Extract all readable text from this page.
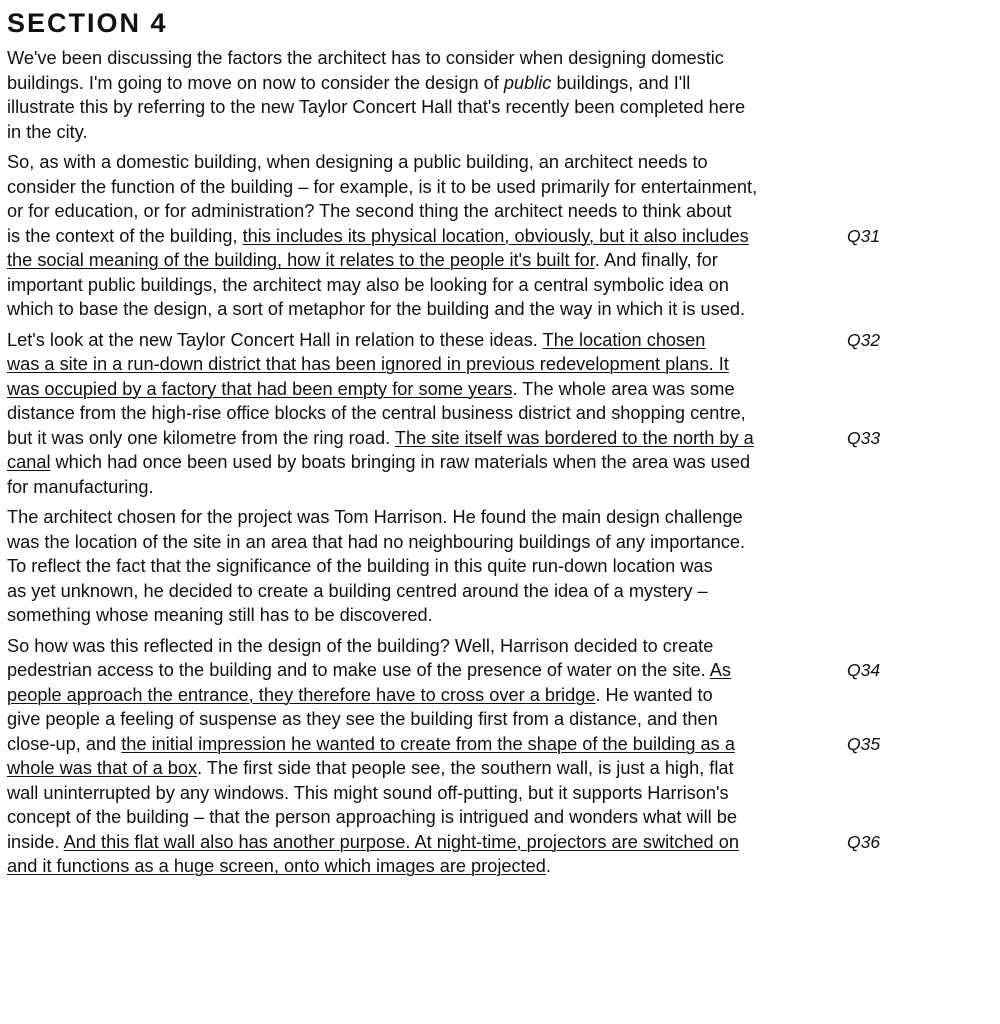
SECTION 4
We've been discussing the factors the architect has to consider when designing domestic
buildings. I'm going to move on now to consider the design of public buildings, and I'll
illustrate this by referring to the new Taylor Concert Hall that's recently been completed here
in the city.
So, as with a domestic building, when designing a public building, an architect needs to
consider the function of the building – for example, is it to be used primarily for entertainment,
or for education, or for administration? The second thing the architect needs to think about
is the context of the building, this includes its physical location, obviously, but it also includes	Q31
the social meaning of the building, how it relates to the people it's built for. And finally, for
important public buildings, the architect may also be looking for a central symbolic idea on
which to base the design, a sort of metaphor for the building and the way in which it is used.
Let's look at the new Taylor Concert Hall in relation to these ideas. The location chosen	Q32
was a site in a run-down district that has been ignored in previous redevelopment plans. It
was occupied by a factory that had been empty for some years. The whole area was some
distance from the high-rise office blocks of the central business district and shopping centre,
but it was only one kilometre from the ring road. The site itself was bordered to the north by a	Q33
canal which had once been used by boats bringing in raw materials when the area was used
for manufacturing.
The architect chosen for the project was Tom Harrison. He found the main design challenge
was the location of the site in an area that had no neighbouring buildings of any importance.
To reflect the fact that the significance of the building in this quite run-down location was
as yet unknown, he decided to create a building centred around the idea of a mystery –
something whose meaning still has to be discovered.
So how was this reflected in the design of the building? Well, Harrison decided to create
pedestrian access to the building and to make use of the presence of water on the site. As	Q34
people approach the entrance, they therefore have to cross over a bridge. He wanted to
give people a feeling of suspense as they see the building first from a distance, and then
close-up, and the initial impression he wanted to create from the shape of the building as a	Q35
whole was that of a box. The first side that people see, the southern wall, is just a high, flat
wall uninterrupted by any windows. This might sound off-putting, but it supports Harrison's
concept of the building – that the person approaching is intrigued and wonders what will be
inside. And this flat wall also has another purpose. At night-time, projectors are switched on	Q36
and it functions as a huge screen, onto which images are projected.
